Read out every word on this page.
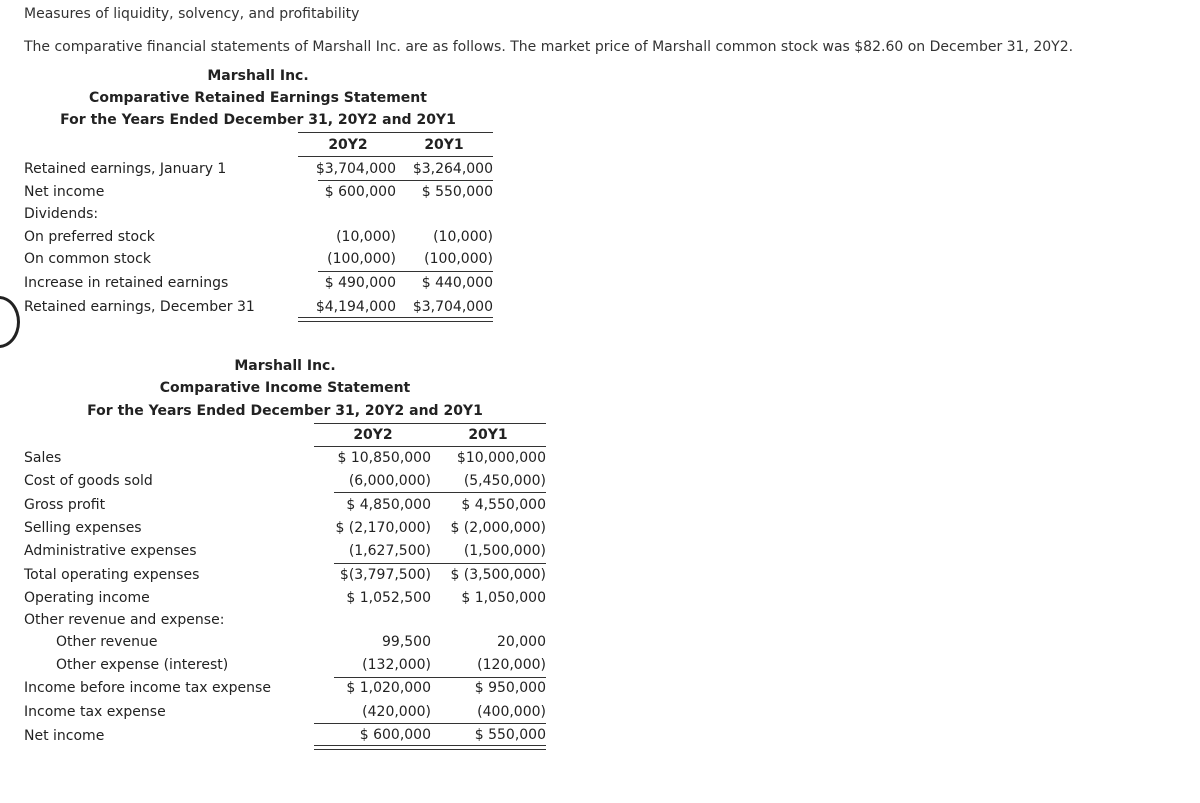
Measures of liquidity, solvency, and profitability
The comparative financial statements of Marshall Inc. are as follows. The market price of Marshall common stock was $82.60 on December 31, 20Y2.
Marshall Inc.
Comparative Retained Earnings Statement
For the Years Ended December 31, 20Y2 and 20Y1
20Y2	20Y1
Retained earnings, January 1	$3,704,000 $3,264,000
Net income	$ 600,000 $ 550,000
Dividends:
On preferred stock	(10,000)	(10,000)
On common stock	(100,000) (100,000)
Increase in retained earnings	$ 490,000 $ 440,000
Retained earnings, December 31	$4,194,000 $3,704,000
Marshall Inc.
Comparative Income Statement
For the Years Ended December 31, 20Y2 and 20Y1
20Y2	20Y1
Sales	$ 10,850,000 $10,000,000
Cost of goods sold	(6,000,000) (5,450,000)
Gross profit	$ 4,850,000 $ 4,550,000
Selling expenses	$ (2,170,000) $ (2,000,000)
Administrative expenses	(1,627,500) (1,500,000)
Total operating expenses	$(3,797,500) $ (3,500,000)
Operating income	$ 1,052,500 $ 1,050,000
Other revenue and expense:
Other revenue	99,500	20,000
Other expense (interest)	(132,000)	(120,000)
Income before income tax expense	$ 1,020,000	$ 950,000
Income tax expense	(420,000)	(400,000)
Net income	$ 600,000	$ 550,000
